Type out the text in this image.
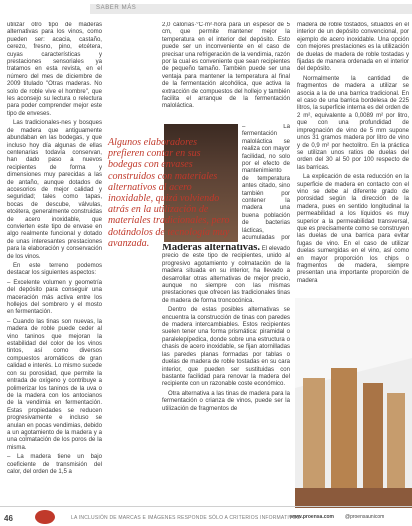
SABER MÁS

utilizar otro tipo de maderas alternativas para los vinos, como pueden ser: acacia, castaño, cerezo, fresno, pino, etcétera, cuyas características y prestaciones sensoriales ya tratamos en esta revista, en el número del mes de diciembre de 2009 titulado "Otras maderas. No solo de roble vive el hombre", que les aconsejo su lectura o relectura para poder comprender mejor este tipo de enveses.

Las tradicionales-nes y bosques de madera que antiguamente abundaban en las bodegas, y que incluso hoy día algunas de ellas centenarias todavía conservan, han dado paso a nuevos recipientes de forma y dimensiones muy parecidas a las de antaño, aunque dotados de accesorios de mejor calidad y seguridad; tales como tapas, bocas de descube, válvulas, etcétera, generalmente construidas de acero inoxidable, que convierten este tipo de envase en algo realmente funcional y dotado de unas interesantes prestaciones para la elaboración y conservación de los vinos.

En este terreno podemos destacar los siguientes aspectos:

– Excelente volumen y geometría del depósito para conseguir una maceración más activa entre los hollejos del sombrero y el mosto en fermentación.

– Cuando las tinas son nuevas, la madera de roble puede ceder al vino taninos que mejoran la estabilidad del color de los vinos tintos, así como diversos compuestos aromáticos de gran calidad e interés. Lo mismo sucede con su porosidad, que permite la entrada de oxígeno y contribuye a polimerizar los taninos de la uva o de la madera con los antocianos de la vendimia en fermentación. Estas propiedades se reducen progresivamente e incluso se anulan en pocas vendimias, debido a un agotamiento de la madera y a una colmatación de los poros de la misma.

– La madera tiene un bajo coeficiente de transmisión del calor, del orden de 1,5 a

Algunos elaboradores prefieren contar en sus bodegas con envases construidos con materiales alternativos al acero inoxidable, quizá volviendo atrás en la utilización de materiales tradicionales, pero dotándolos de tecnología muy avanzada.

2,0 calorías·°C·m²·hora para un espesor de 5 cm, que permite mantener mejor la temperatura en el interior del depósito. Esto puede ser un inconveniente en el caso de precisar una refrigeración de la vendimia, razón por la cual es conveniente que sean recipientes de pequeño tamaño. También puede ser una ventaja para mantener la temperatura al final de la fermentación alcohólica, que activa la extracción de compuestos del hollejo y también facilita el arranque de la fermentación maloláctica.

– La fermentación maloláctica se realiza con mayor facilidad, no solo por el efecto de mantenimiento de temperatura antes citado, sino también por contener la madera una buena población de bacterias lácticas, acumuladas por

Maderas alternativas. El elevado precio de este tipo de recipientes, unido al progresivo agotamiento y colmatación de la madera situada en su interior, ha llevado a desarrollar otras alternativas de mejor precio, aunque no siempre con las mismas prestaciones que ofrecen las tradicionales tinas de madera de forma troncocónica.

Dentro de estas posibles alternativas se encuentra la construcción de tinas con paredes de madera intercambiables. Estos recipientes suelen tener una forma prismática: piramidal o paralelepípedica, donde sobre una estructura o chasis de acero inoxidable, se fijan atornilladas las paredes planas formadas por tablas o duelas de madera de roble tostadas en su cara interior, que pueden ser sustituidas con bastante facilidad para renovar la madera del recipiente con un razonable coste económico.

Otra alternativa a las tinas de madera para la fermentación o crianza de vinos, puede ser la utilización de fragmentos de

madera de roble tostados, situados en el interior de un depósito convencional, por ejemplo de acero inoxidable. Una opción con mejores prestaciones es la utilización de duelas de madera de roble tostadas y fijadas de manera ordenada en el interior del depósito.

Normalmente la cantidad de fragmentos de madera a utilizar se asocia a la de una barrica tradicional. En el caso de una barrica bordelesa de 225 litros, la superficie interna es del orden de 2 m², equivalente a 0,0089 m² por litro, que con una profundidad de impregnación de vino de 5 mm supone unos 31 gramos madera por litro de vino y de 0,9 m² por hectolitro. En la práctica se utilizan unos ratios de duelas del orden del 30 al 50 por 100 respecto de las barricas.

La explicación de esta reducción en la superficie de madera en contacto con el vino se debe al diferente grado de porosidad según la dirección de la madera, pues en sentido longitudinal la permeabilidad a los líquidos es muy superior a la permeabilidad transversal, que es precisamente como se construyen las duelas de una barrica para evitar fugas de vino. En el caso de utilizar duelas sumergidas en el vino, así como en mayor proporción los chips o fragmentos de madera, siempre presentan una importante proporción de madera

46	LA INCLUSIÓN DE MARCAS E IMÁGENES RESPONDE SÓLO A CRITERIOS INFORMATIVOS
www.proensa.com @proensaunicom
